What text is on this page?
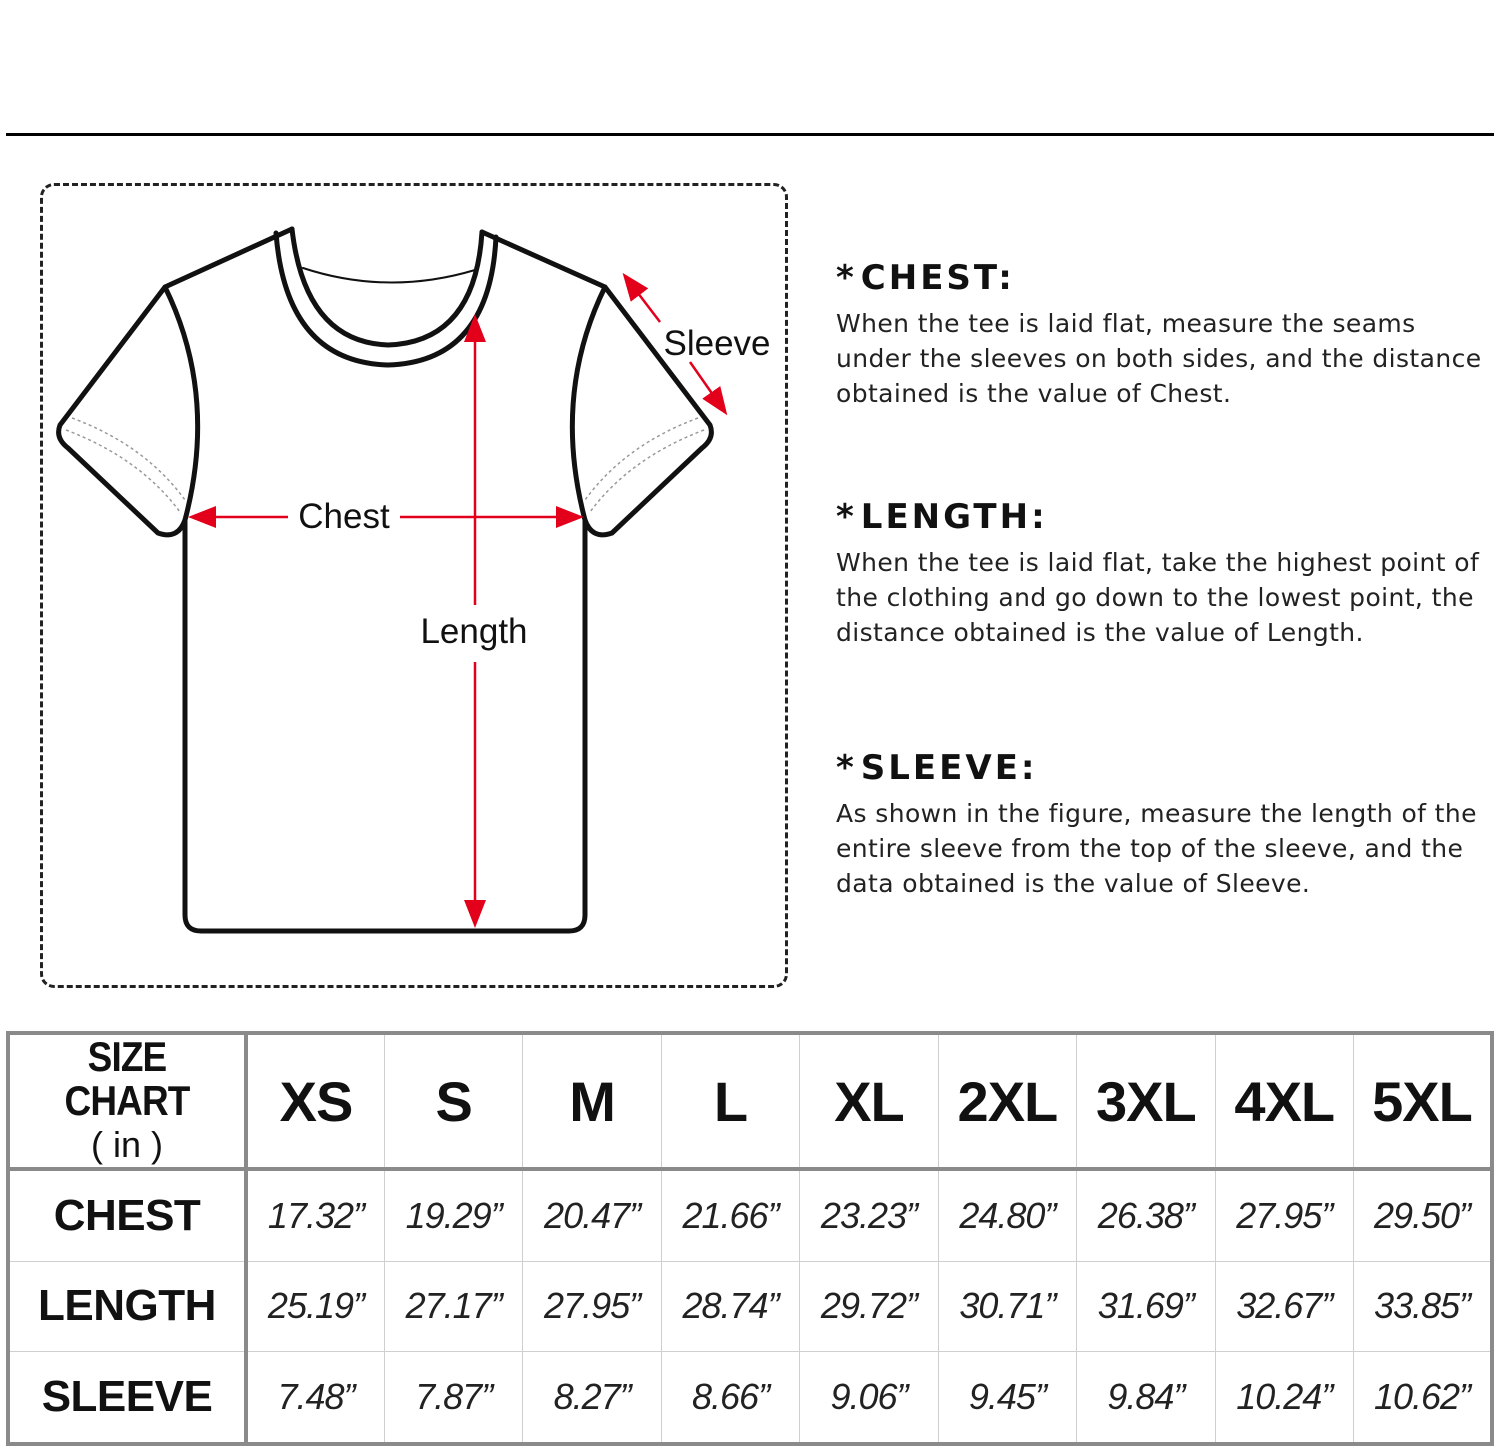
Chest
Length
Sleeve
* CHEST:

When the tee is laid flat, measure the seams under the sleeves on both sides, and the distance obtained is the value of Chest.

* LENGTH:

When the tee is laid flat, take the highest point of the clothing and go down to the lowest point, the distance obtained is the value of Length.

* SLEEVE:

As shown in the figure, measure the length of the entire sleeve from the top of the sleeve, and the data obtained is the value of Sleeve.

SIZE CHART
( in )	XS	S	M	L	XL	2XL	3XL	4XL	5XL
CHEST	17.32”	19.29”	20.47”	21.66”	23.23”	24.80”	26.38”	27.95”	29.50”
LENGTH	25.19”	27.17”	27.95”	28.74”	29.72”	30.71”	31.69”	32.67”	33.85”
SLEEVE	7.48”	7.87”	8.27”	8.66”	9.06”	9.45”	9.84”	10.24”	10.62”
